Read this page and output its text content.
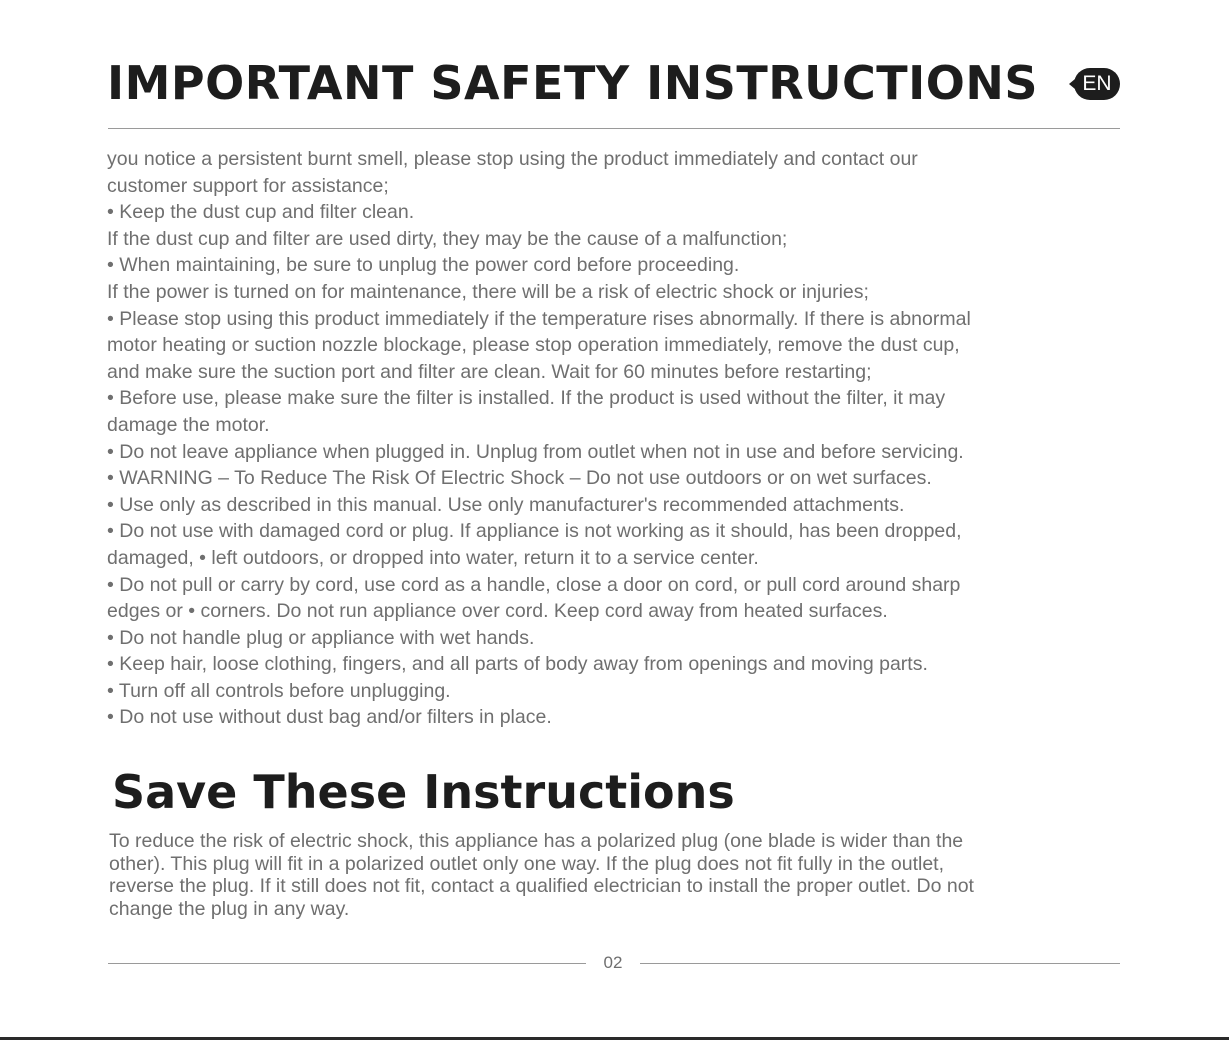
IMPORTANT SAFETY INSTRUCTIONS	EN

you notice a persistent burnt smell, please stop using the product immediately and contact our

customer support for assistance;

• Keep the dust cup and filter clean.

If the dust cup and filter are used dirty, they may be the cause of a malfunction;

• When maintaining, be sure to unplug the power cord before proceeding.

If the power is turned on for maintenance, there will be a risk of electric shock or injuries;

• Please stop using this product immediately if the temperature rises abnormally. If there is abnormal

motor heating or suction nozzle blockage, please stop operation immediately, remove the dust cup,

and make sure the suction port and filter are clean. Wait for 60 minutes before restarting;

• Before use, please make sure the filter is installed. If the product is used without the filter, it may

damage the motor.

• Do not leave appliance when plugged in. Unplug from outlet when not in use and before servicing.

• WARNING – To Reduce The Risk Of Electric Shock – Do not use outdoors or on wet surfaces.

• Use only as described in this manual. Use only manufacturer's recommended attachments.

• Do not use with damaged cord or plug. If appliance is not working as it should, has been dropped,

damaged, • left outdoors, or dropped into water, return it to a service center.

• Do not pull or carry by cord, use cord as a handle, close a door on cord, or pull cord around sharp

edges or • corners. Do not run appliance over cord. Keep cord away from heated surfaces.

• Do not handle plug or appliance with wet hands.

• Keep hair, loose clothing, fingers, and all parts of body away from openings and moving parts.

• Turn off all controls before unplugging.

• Do not use without dust bag and/or filters in place.

Save These Instructions

To reduce the risk of electric shock, this appliance has a polarized plug (one blade is wider than the

other). This plug will fit in a polarized outlet only one way. If the plug does not fit fully in the outlet,

reverse the plug. If it still does not fit, contact a qualified electrician to install the proper outlet. Do not

change the plug in any way.

02
